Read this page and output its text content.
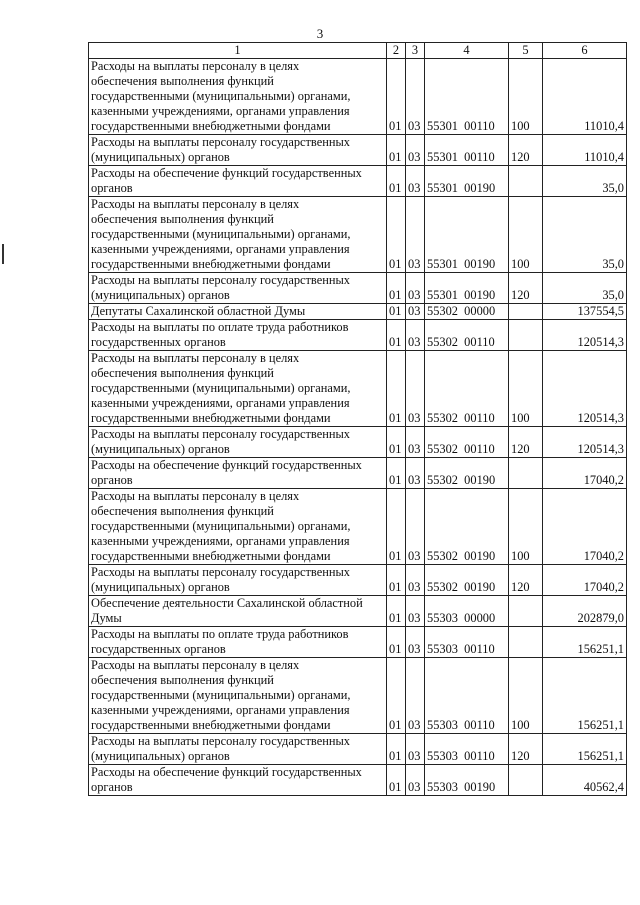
3
1	2	3	4	5	6
Расходы на выплаты персоналу в целях
обеспечения выполнения функций
государственными (муниципальными) органами,
казенными учреждениями, органами управления
государственными внебюджетными фондами	01	03	55301  00110	100	11010,4
Расходы на выплаты персоналу государственных
(муниципальных) органов	01	03	55301  00110	120	11010,4
Расходы на обеспечение функций государственных
органов	01	03	55301  00190		35,0
Расходы на выплаты персоналу в целях
обеспечения выполнения функций
государственными (муниципальными) органами,
казенными учреждениями, органами управления
государственными внебюджетными фондами	01	03	55301  00190	100	35,0
Расходы на выплаты персоналу государственных
(муниципальных) органов	01	03	55301  00190	120	35,0
Депутаты Сахалинской областной Думы	01	03	55302  00000		137554,5
Расходы на выплаты по оплате труда работников
государственных органов	01	03	55302  00110		120514,3
Расходы на выплаты персоналу в целях
обеспечения выполнения функций
государственными (муниципальными) органами,
казенными учреждениями, органами управления
государственными внебюджетными фондами	01	03	55302  00110	100	120514,3
Расходы на выплаты персоналу государственных
(муниципальных) органов	01	03	55302  00110	120	120514,3
Расходы на обеспечение функций государственных
органов	01	03	55302  00190		17040,2
Расходы на выплаты персоналу в целях
обеспечения выполнения функций
государственными (муниципальными) органами,
казенными учреждениями, органами управления
государственными внебюджетными фондами	01	03	55302  00190	100	17040,2
Расходы на выплаты персоналу государственных
(муниципальных) органов	01	03	55302  00190	120	17040,2
Обеспечение деятельности Сахалинской областной
Думы	01	03	55303  00000		202879,0
Расходы на выплаты по оплате труда работников
государственных органов	01	03	55303  00110		156251,1
Расходы на выплаты персоналу в целях
обеспечения выполнения функций
государственными (муниципальными) органами,
казенными учреждениями, органами управления
государственными внебюджетными фондами	01	03	55303  00110	100	156251,1
Расходы на выплаты персоналу государственных
(муниципальных) органов	01	03	55303  00110	120	156251,1
Расходы на обеспечение функций государственных
органов	01	03	55303  00190		40562,4
